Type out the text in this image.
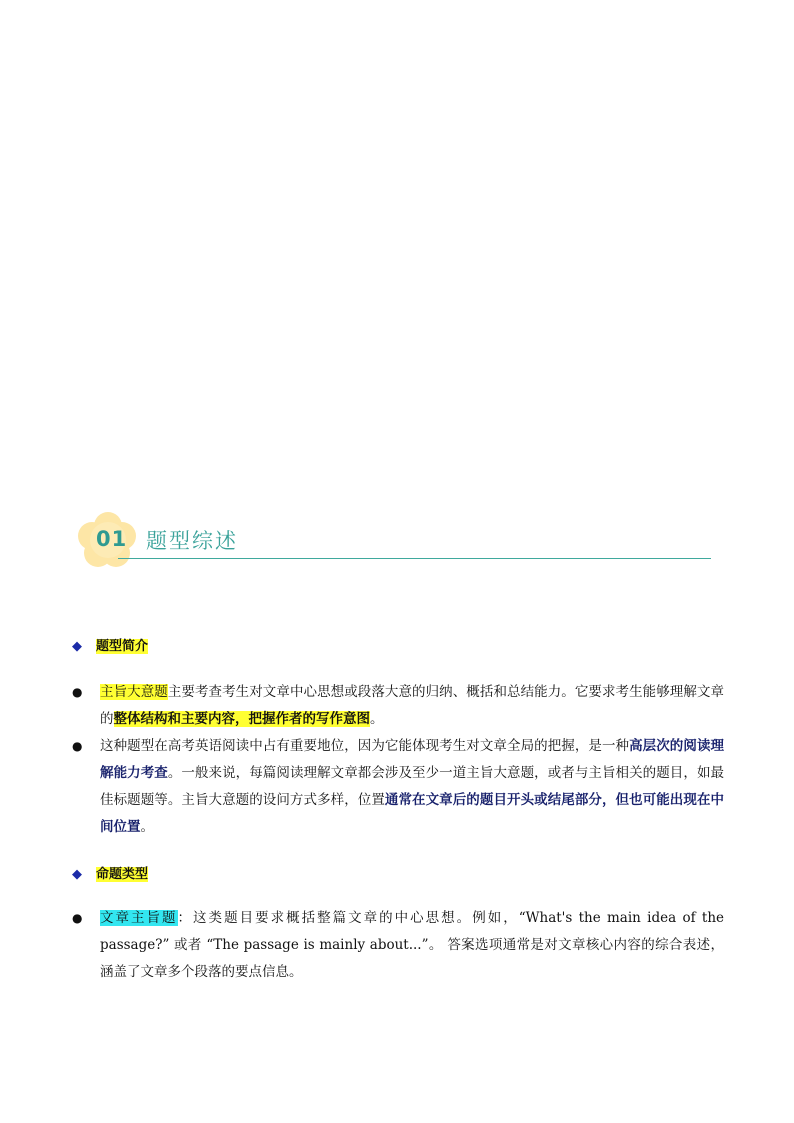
01 题型综述
◆ 题型简介
● 主旨大意题主要考查考生对文章中心思想或段落大意的归纳、概括和总结能力。它要求考生能够理解文章的整体结构和主要内容，把握作者的写作意图。
● 这种题型在高考英语阅读中占有重要地位，因为它能体现考生对文章全局的把握，是一种高层次的阅读理解能力考查。一般来说，每篇阅读理解文章都会涉及至少一道主旨大意题，或者与主旨相关的题目，如最佳标题题等。主旨大意题的设问方式多样，位置通常在文章后的题目开头或结尾部分，但也可能出现在中间位置。
◆ 命题类型
● 文章主旨题：这类题目要求概括整篇文章的中心思想。例如，“What's the main idea of the passage?” 或者 “The passage is mainly about...”。 答案选项通常是对文章核心内容的综合表述，涵盖了文章多个段落的要点信息。
